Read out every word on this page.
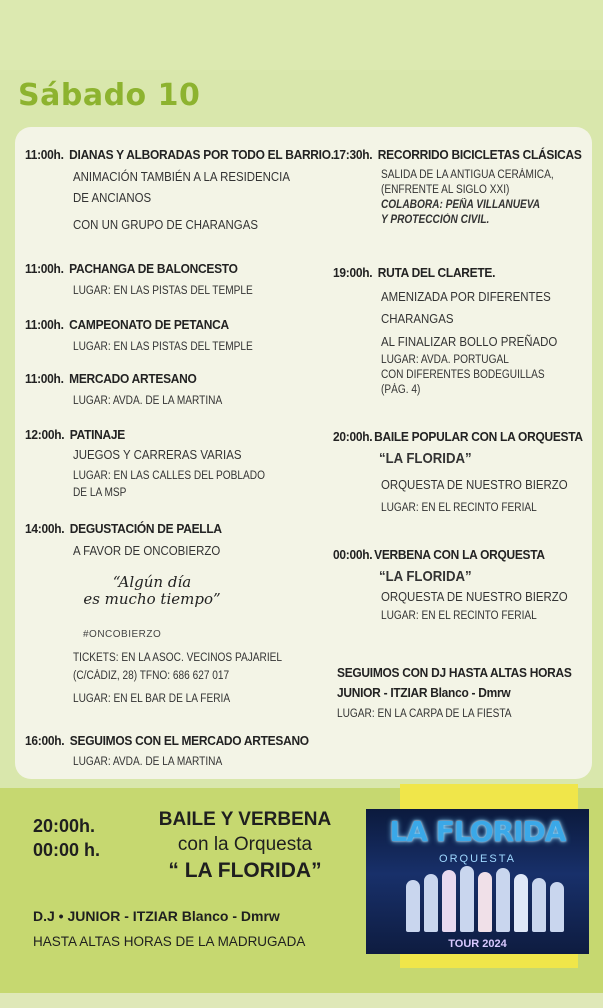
Sábado 10
11:00h. DIANAS Y ALBORADAS POR TODO EL BARRIO.
ANIMACIÓN TAMBIÉN A LA RESIDENCIA
DE ANCIANOS
CON UN GRUPO DE CHARANGAS
11:00h. PACHANGA DE BALONCESTO
LUGAR: EN LAS PISTAS DEL TEMPLE
11:00h. CAMPEONATO DE PETANCA
LUGAR: EN LAS PISTAS DEL TEMPLE
11:00h. MERCADO ARTESANO
LUGAR: AVDA. DE LA MARTINA
12:00h. PATINAJE
JUEGOS Y CARRERAS VARIAS
LUGAR: EN LAS CALLES DEL POBLADO
DE LA MSP
14:00h. DEGUSTACIÓN DE PAELLA
A FAVOR DE ONCOBIERZO
TICKETS: EN LA ASOC. VECINOS PAJARIEL
(C/CÁDIZ, 28) TFNO: 686 627 017
LUGAR: EN EL BAR DE LA FERIA
16:00h. SEGUIMOS CON EL MERCADO ARTESANO
LUGAR: AVDA. DE LA MARTINA
“Algún día
es mucho tiempo”
#ONCOBIERZO
17:30h. RECORRIDO BICICLETAS CLÁSICAS
SALIDA DE LA ANTIGUA CERÁMICA,
(ENFRENTE AL SIGLO XXI)
COLABORA: PEÑA VILLANUEVA
Y PROTECCIÓN CIVIL.
19:00h. RUTA DEL CLARETE.
AMENIZADA POR DIFERENTES
CHARANGAS
AL FINALIZAR BOLLO PREÑADO
LUGAR: AVDA. PORTUGAL
CON DIFERENTES BODEGUILLAS
(PÁG. 4)
20:00h. BAILE POPULAR CON LA ORQUESTA
“LA FLORIDA”
ORQUESTA DE NUESTRO BIERZO
LUGAR: EN EL RECINTO FERIAL
00:00h. VERBENA CON LA ORQUESTA
“LA FLORIDA”
ORQUESTA DE NUESTRO BIERZO
LUGAR: EN EL RECINTO FERIAL
SEGUIMOS CON DJ HASTA ALTAS HORAS
JUNIOR - ITZIAR Blanco - Dmrw
LUGAR: EN LA CARPA DE LA FIESTA
20:00h.
00:00 h.
BAILE Y VERBENA
con la Orquesta
“ LA FLORIDA”
D.J • JUNIOR - ITZIAR Blanco - Dmrw
HASTA ALTAS HORAS DE LA MADRUGADA
LA FLORIDA
ORQUESTA
TOUR 2024
